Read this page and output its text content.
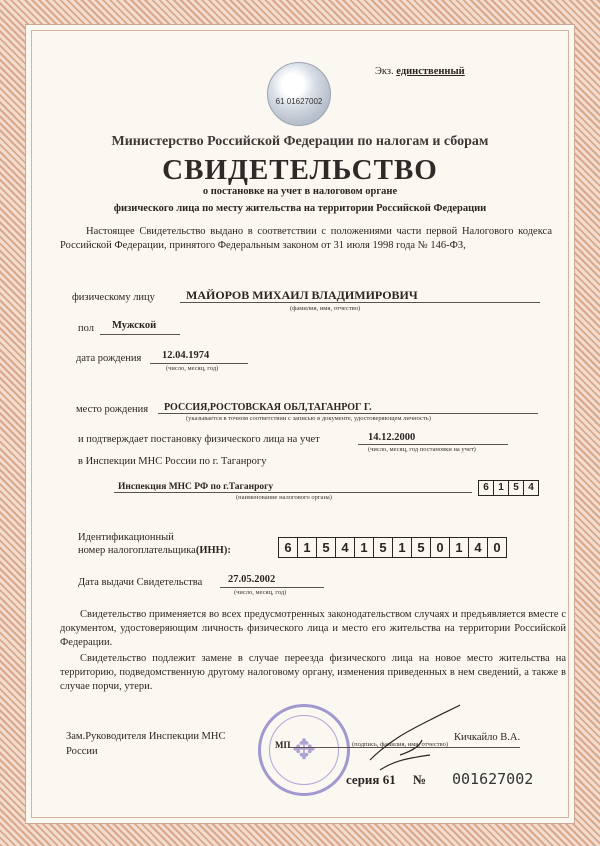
Экз. единственный
61 01627002
Министерство Российской Федерации по налогам и сборам
СВИДЕТЕЛЬСТВО
о постановке на учет в налоговом органе
физического лица по месту жительства на территории Российской Федерации
Настоящее Свидетельство выдано в соответствии с положениями части первой Налогового кодекса Российской Федерации, принятого Федеральным законом от 31 июля 1998 года № 146-ФЗ,
физическому лицу	МАЙОРОВ МИХАИЛ ВЛАДИМИРОВИЧ
(фамилия, имя, отчество)
пол Мужской
дата рождения 12.04.1974
(число, месяц, год)
место рождения РОССИЯ,РОСТОВСКАЯ ОБЛ,ТАГАНРОГ Г.
(указывается в точном соответствии с записью в документе, удостоверяющем личность)
и подтверждает постановку физического лица на учет	14.12.2000
(число, месяц, год постановки на учет)
в Инспекции МНС России по г. Таганрогу
Инспекция МНС РФ по г.Таганрогу
(наименование налогового органа)
6 1 5 4
Идентификационный
номер налогоплательщика(ИНН):	6 1 5 4 1 5 1 5 0 1 4 0
Дата выдачи Свидетельства 27.05.2002
(число, месяц, год)
Свидетельство применяется во всех предусмотренных законодательством случаях и предъявляется вместе с документом, удостоверяющим личность физического лица и место его жительства на территории Российской Федерации.
Свидетельство подлежит замене в случае переезда физического лица на новое место жительства на территорию, подведомственную другому налоговому органу, изменения приведенных в нем сведений, а также в случае порчи, утери.
Зам.Руководителя Инспекции МНС
России	✥
МП	(подпись, фамилия, имя, отчество)
Кичкайло В.А.
серия 61 № 001627002
